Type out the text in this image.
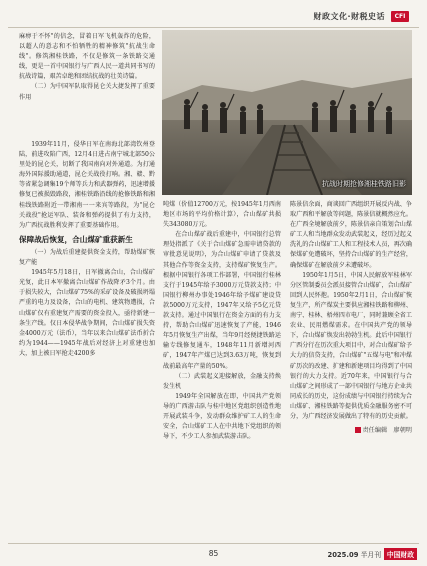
财政文化·财税史话	CFI

麻痹于不怀"的信念，冒着日军飞机轰炸的危险，以超人的意志和不怕牺牲的精神修筑"抗战生命线"。修筑湘桂铁路，不仅是修筑一条铁路交通线，更是一首中国银行与广西人民一道共同书写的抗战诗篇，艰苦卓绝和团结抗战的壮美诗篇。

（二）为中国军队取得昆仑关大捷发挥了重要作用

抗战时期抢修湘桂铁路旧影

1939年11月，侵华日军在南海北部湾钦州登陆，前进攻陷广西，12月4日进占南宁城北部50公里处的昆仑关，切断了我国南向对外通道。为打通海外国际援助通道，昆仑关战役打响。湘、赣、黔等省紧急调集19个师等兵力和武器弹药，迅速增援修复已被损毁路段，湘桂铁路沿线的抢修铁路和湘桂线铁路附近一带湘南一一来宾等路段，为"昆仑关战役"抢运军队、装备和弹药提供了有力支持，为广西抗战胜利发挥了重要基础作用。

保障战后恢复，合山煤矿重获新生

（一）为战后重建提供资金支持，帮助煤矿恢复产能

1945年5月18日，日军撤离合山，合山煤矿光复，此日本军撤离合山煤矿作战降矛3个月。由于损失较大，合山煤矿75%的采矿设备及破损坍塌严重的电力及设备，合山的电机、建筑物遭损，合山煤矿仅有重建复产需要的资金投入，亟待新建一条生产线。仅日本侵华战争期间，合山煤矿损失资金4000万元（法币），当年以来合山煤矿法币折合约为1944——1945年战后对经济上对重建也加大，加上被日军抢走4200多

吨煤（价值12700万元，按1945年1月西南地区市场的平均价格计算），合山煤矿共损失343080万元。

在合山煤矿战后重建中，中国银行总管理处指派了《关于合山煤矿急需申请贷款的审批意见说明》，为合山煤矿申请了贷款及其他合作等资金支持，支持煤矿恢复生产。根据中国银行各项工作部署，中国银行桂林支行于1945年给予3000万元贷款支持；中国银行柳州办事处1946年给予煤矿建设贷款5000万元支持，1947年又给予5亿元贷款支持。通过中国银行在资金方面的有力支持，帮助合山煤矿迅速恢复了产能，1946年5月恢复生产出煤，当年9月经便捷铁路运输专线修复通车，1948年11月新增河西矿，1947年产煤已达到3.63万吨，恢复到战前最高年产量的50%。

（二）武装起义迎接解放，金融支持焕发生机

1949年全国解放在即，中国共产党领导的广西游击队与桂中地区党组织创造性地开展武装斗争，发动群众维护矿工人的生命安全，合山煤矿工人在中共地下党组织的领导下，不少工人参加武装游击队。

陈景信余面，商谈回广西组织开展反内战、争取广西和平解放等问题，陈景信就概然应允。在广西全境解放前夕，陈景信亲自策划合山煤矿工人和当地群众发动武装起义，经历过起义洗礼的合山煤矿工人和工程技术人员，再次确保煤矿免遭破坏，坚持合山煤矿的生产经营，确保煤矿在解放前夕未遭破坏。

1950年1月5日，中国人民解放军桂林军分区管制委员会派员接管合山煤矿，合山煤矿回到人民怀抱。1950年2月1日，合山煤矿恢复生产，所产煤炭主要供应湘桂铁路和柳州、南宁、桂林、梧州四市电厂，同时兼顾全省工农业、民用燃煤需求。在中国共产党的领导下，合山煤矿焕发出勃勃生机。此后中国银行广西分行在历次重大项目中，对合山煤矿给予大力的信贷支持，合山煤矿"五煤与电"和冲煤矿历次的改建、扩建和新建项目均得到了中国银行的大力支持。近70年来，中国银行与合山煤矿之间形成了一部中国银行与地方企业共同成长的历史，这份成绩与中国银行持续为合山煤矿、湘桂铁路等提供优质金融服务密不可分，为广西经济发展做出了特有的历史贡献。

责任编辑　廖朝明
85	2025.09 半月刊 中国财政
